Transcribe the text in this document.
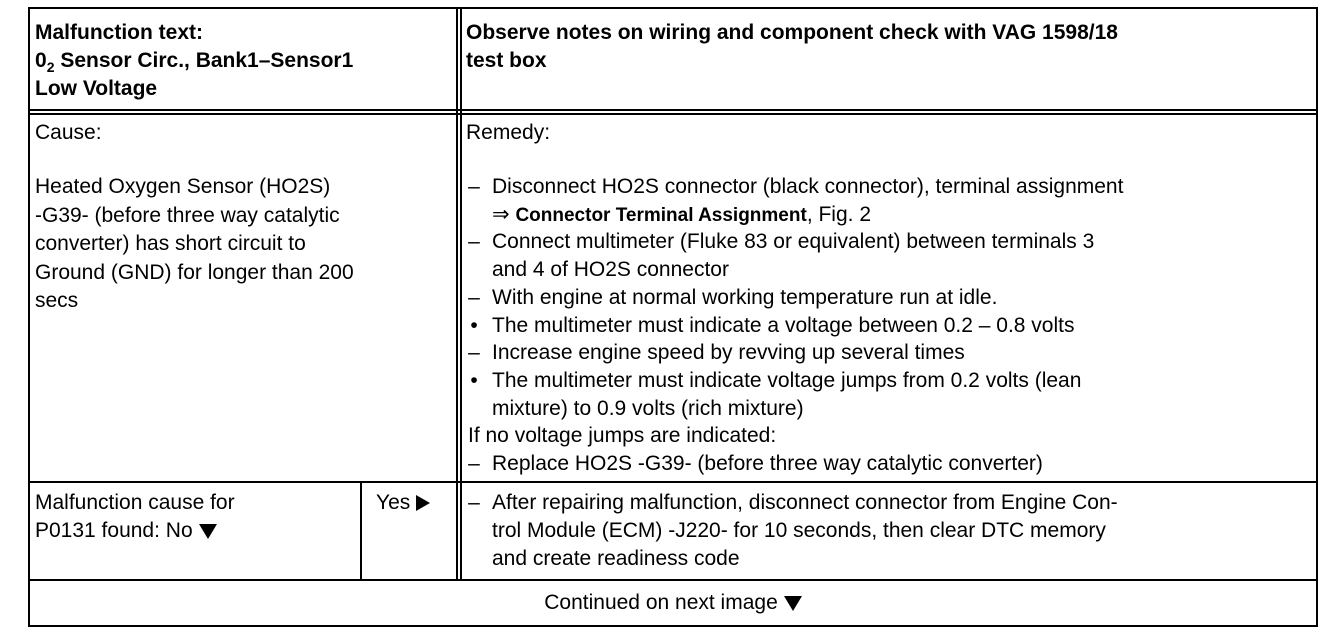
Malfunction text:
$0_2$ Sensor Circ., Bank1–Sensor1
Low Voltage
Observe notes on wiring and component check with VAG 1598/18
test box
Cause:
Heated Oxygen Sensor (HO2S)
-G39- (before three way catalytic
converter) has short circuit to
Ground (GND) for longer than 200
secs
Remedy:
– Disconnect HO2S connector (black connector), terminal assignment
⇒ Connector Terminal Assignment, Fig. 2
– Connect multimeter (Fluke 83 or equivalent) between terminals 3
and 4 of HO2S connector
– With engine at normal working temperature run at idle.
• The multimeter must indicate a voltage between 0.2 – 0.8 volts
– Increase engine speed by revving up several times
• The multimeter must indicate voltage jumps from 0.2 volts (lean
mixture) to 0.9 volts (rich mixture)
If no voltage jumps are indicated:
– Replace HO2S -G39- (before three way catalytic converter)
Malfunction cause for
P0131 found: No
Yes	– After repairing malfunction, disconnect connector from Engine Con-
trol Module (ECM) -J220- for 10 seconds, then clear DTC memory
and create readiness code
Continued on next image
